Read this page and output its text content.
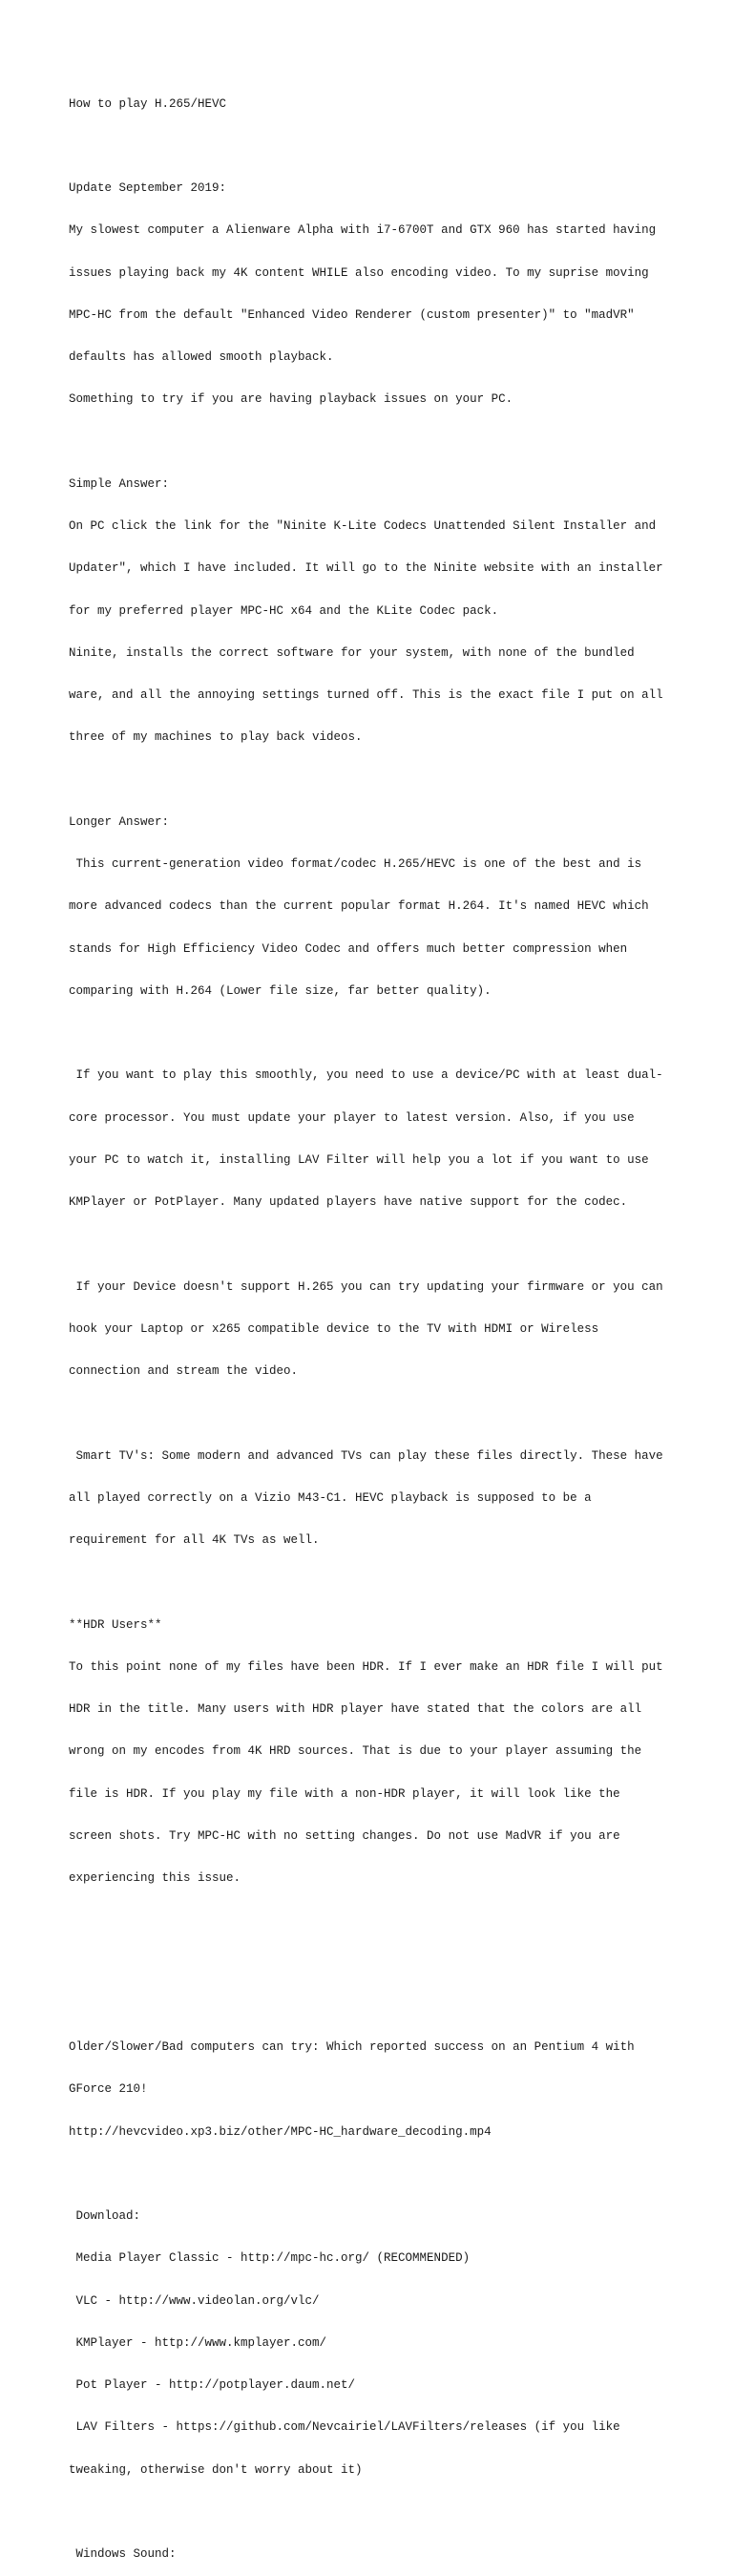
How to play H.265/HEVC

Update September 2019:

My slowest computer a Alienware Alpha with i7-6700T and GTX 960 has started having

issues playing back my 4K content WHILE also encoding video. To my suprise moving

MPC-HC from the default "Enhanced Video Renderer (custom presenter)" to "madVR"

defaults has allowed smooth playback.

Something to try if you are having playback issues on your PC.

Simple Answer:

On PC click the link for the "Ninite K-Lite Codecs Unattended Silent Installer and

Updater", which I have included. It will go to the Ninite website with an installer

for my preferred player MPC-HC x64 and the KLite Codec pack.

Ninite, installs the correct software for your system, with none of the bundled

ware, and all the annoying settings turned off. This is the exact file I put on all

three of my machines to play back videos.

Longer Answer:

This current-generation video format/codec H.265/HEVC is one of the best and is

more advanced codecs than the current popular format H.264. It's named HEVC which

stands for High Efficiency Video Codec and offers much better compression when

comparing with H.264 (Lower file size, far better quality).

If you want to play this smoothly, you need to use a device/PC with at least dual-

core processor. You must update your player to latest version. Also, if you use

your PC to watch it, installing LAV Filter will help you a lot if you want to use

KMPlayer or PotPlayer. Many updated players have native support for the codec.

If your Device doesn't support H.265 you can try updating your firmware or you can

hook your Laptop or x265 compatible device to the TV with HDMI or Wireless

connection and stream the video.

Smart TV's: Some modern and advanced TVs can play these files directly. These have

all played correctly on a Vizio M43-C1. HEVC playback is supposed to be a

requirement for all 4K TVs as well.

**HDR Users**

To this point none of my files have been HDR. If I ever make an HDR file I will put

HDR in the title. Many users with HDR player have stated that the colors are all

wrong on my encodes from 4K HRD sources. That is due to your player assuming the

file is HDR. If you play my file with a non-HDR player, it will look like the

screen shots. Try MPC-HC with no setting changes. Do not use MadVR if you are

experiencing this issue.

Older/Slower/Bad computers can try: Which reported success on an Pentium 4 with

GForce 210!

http://hevcvideo.xp3.biz/other/MPC-HC_hardware_decoding.mp4

Download:

Media Player Classic - http://mpc-hc.org/ (RECOMMENDED)

VLC - http://www.videolan.org/vlc/

KMPlayer - http://www.kmplayer.com/

Pot Player - http://potplayer.daum.net/

LAV Filters - https://github.com/Nevcairiel/LAVFilters/releases (if you like

tweaking, otherwise don't worry about it)

Windows Sound:
